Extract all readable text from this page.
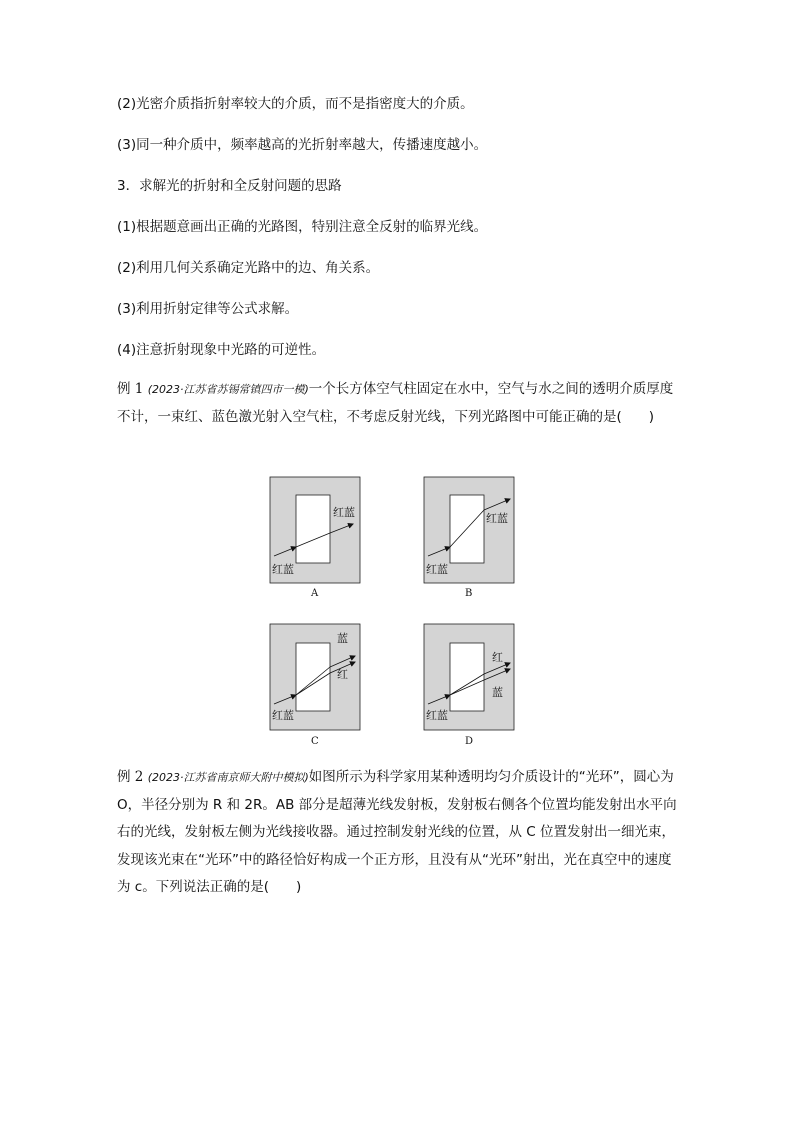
(2)光密介质指折射率较大的介质，而不是指密度大的介质。
(3)同一种介质中，频率越高的光折射率越大，传播速度越小。
3．求解光的折射和全反射问题的思路
(1)根据题意画出正确的光路图，特别注意全反射的临界光线。
(2)利用几何关系确定光路中的边、角关系。
(3)利用折射定律等公式求解。
(4)注意折射现象中光路的可逆性。
例 1 (2023·江苏省苏锡常镇四市一模)一个长方体空气柱固定在水中，空气与水之间的透明介质厚度不计，一束红、蓝色激光射入空气柱，不考虑反射光线，下列光路图中可能正确的是(　　)
红蓝
红蓝
A
红蓝
红蓝
B
红蓝
蓝
红
C
红蓝
红
蓝
D
例 2 (2023·江苏省南京师大附中模拟)如图所示为科学家用某种透明均匀介质设计的“光环”，圆心为 O，半径分别为 R 和 2R。AB 部分是超薄光线发射板，发射板右侧各个位置均能发射出水平向右的光线，发射板左侧为光线接收器。通过控制发射光线的位置，从 C 位置发射出一细光束，发现该光束在“光环”中的路径恰好构成一个正方形，且没有从“光环”射出，光在真空中的速度为 c。下列说法正确的是(　　)
